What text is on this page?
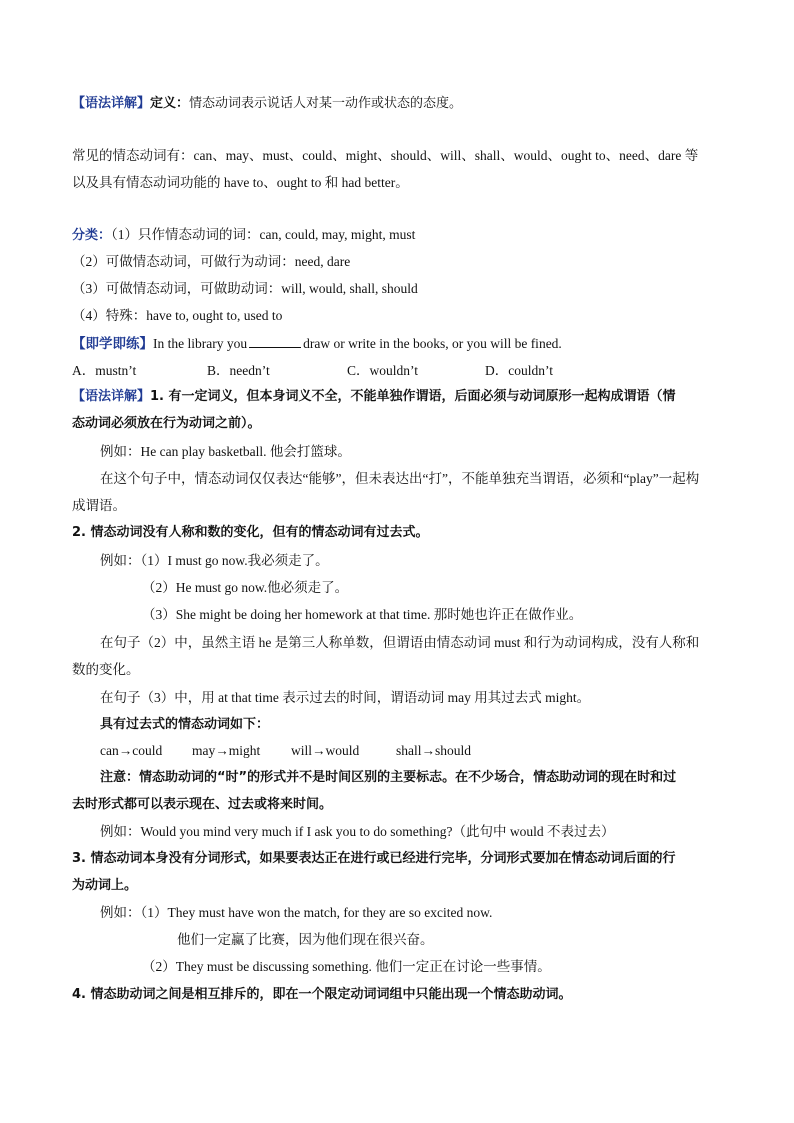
【语法详解】定义：情态动词表示说话人对某一动作或状态的态度。
常见的情态动词有：can、may、must、could、might、should、will、shall、would、ought to、need、dare 等
以及具有情态动词功能的 have to、ought to 和 had better。
分类：（1）只作情态动词的词：can, could, may, might, must
（2）可做情态动词，可做行为动词：need, dare
（3）可做情态动词，可做助动词：will, would, shall, should
（4）特殊：have to, ought to, used to
【即学即练】In the library you	draw or write in the books, or you will be fined.
A．mustn’t	B．needn’t	C．wouldn’t	D．couldn’t
【语法详解】1. 有一定词义，但本身词义不全，不能单独作谓语，后面必须与动词原形一起构成谓语（情
态动词必须放在行为动词之前）。
例如：He can play basketball. 他会打篮球。
在这个句子中，情态动词仅仅表达“能够”，但未表达出“打”，不能单独充当谓语，必须和“play”一起构
成谓语。
2. 情态动词没有人称和数的变化，但有的情态动词有过去式。
例如：（1）I must go now.我必须走了。
（2）He must go now.他必须走了。
（3）She might be doing her homework at that time. 那时她也许正在做作业。
在句子（2）中，虽然主语 he 是第三人称单数，但谓语由情态动词 must 和行为动词构成，没有人称和
数的变化。
在句子（3）中，用 at that time 表示过去的时间，谓语动词 may 用其过去式 might。
具有过去式的情态动词如下：
can→could may→might will→would	shall→should
注意：情态助动词的“时”的形式并不是时间区别的主要标志。在不少场合，情态助动词的现在时和过
去时形式都可以表示现在、过去或将来时间。
例如：Would you mind very much if I ask you to do something?（此句中 would 不表过去）
3. 情态动词本身没有分词形式，如果要表达正在进行或已经进行完毕，分词形式要加在情态动词后面的行
为动词上。
例如：（1）They must have won the match, for they are so excited now.
他们一定赢了比赛，因为他们现在很兴奋。
（2）They must be discussing something. 他们一定正在讨论一些事情。
4. 情态助动词之间是相互排斥的，即在一个限定动词词组中只能出现一个情态助动词。
